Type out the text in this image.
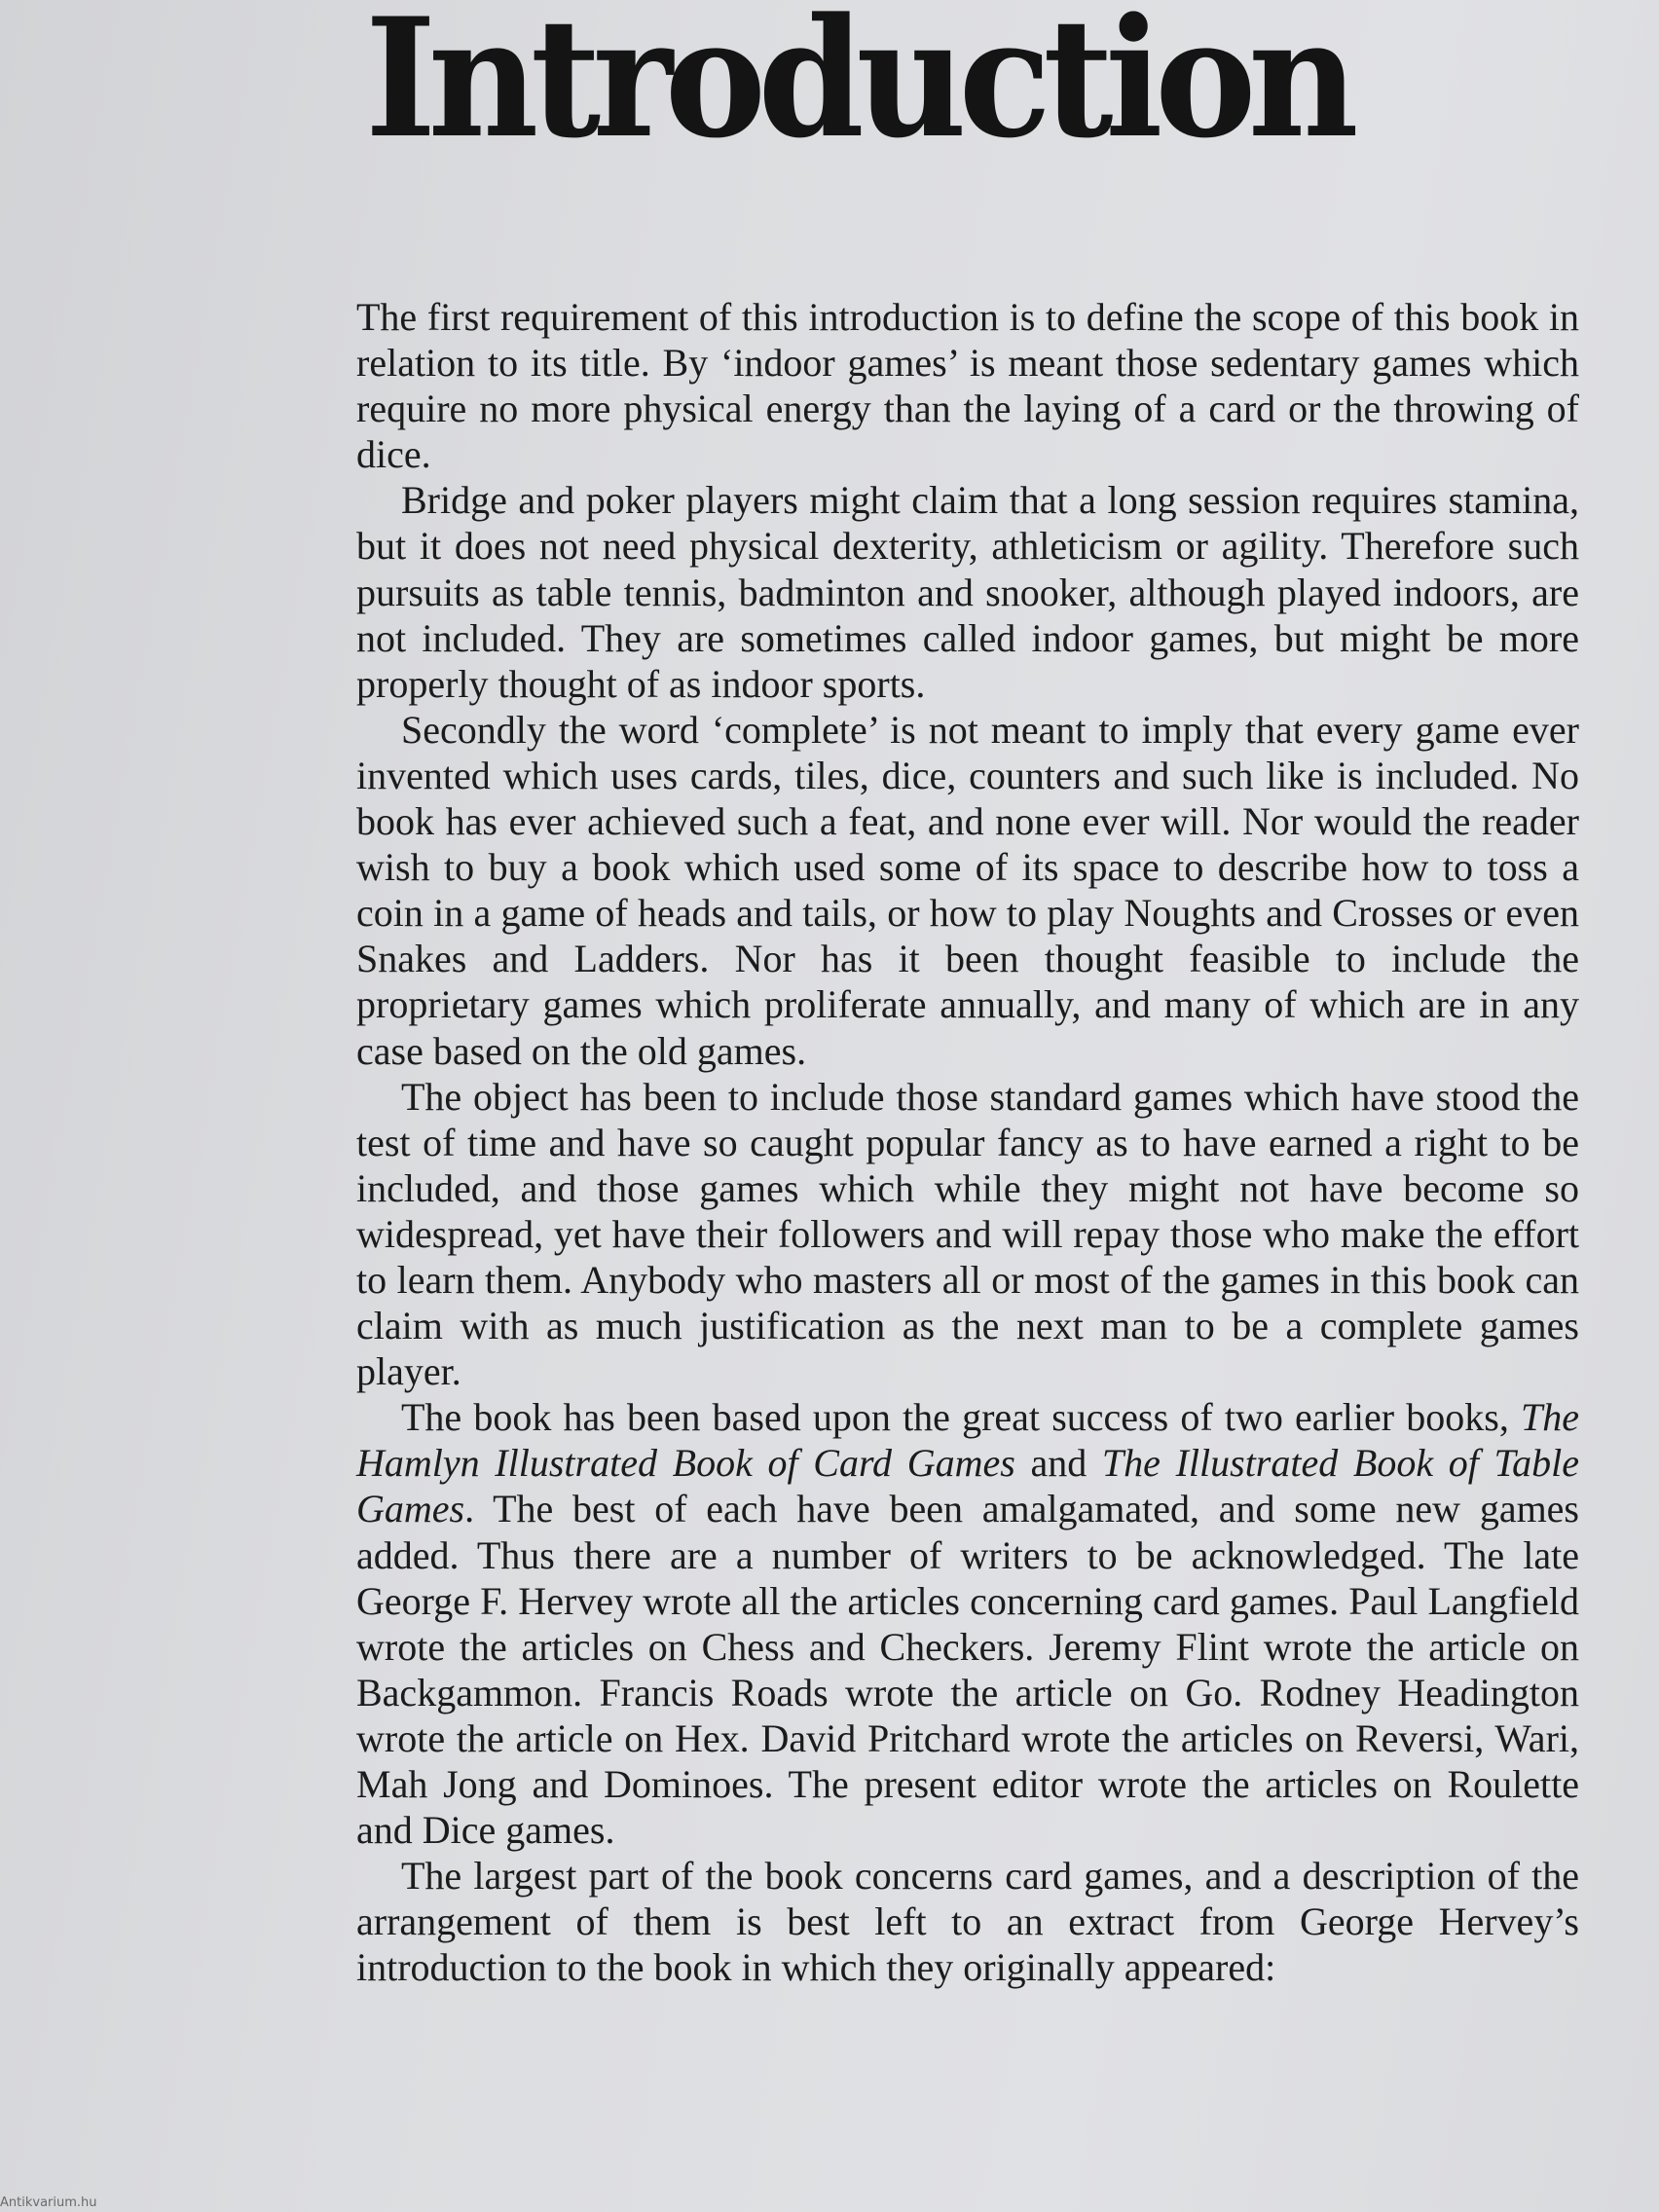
Introduction

The first requirement of this introduction is to define the scope of this book in relation to its title. By ‘indoor games’ is meant those sedentary games which require no more physical energy than the laying of a card or the throwing of dice.

Bridge and poker players might claim that a long session requires stamina, but it does not need physical dexterity, athleticism or agility. Therefore such pursuits as table tennis, badminton and snooker, although played indoors, are not included. They are sometimes called indoor games, but might be more properly thought of as indoor sports.

Secondly the word ‘complete’ is not meant to imply that every game ever invented which uses cards, tiles, dice, counters and such like is included. No book has ever achieved such a feat, and none ever will. Nor would the reader wish to buy a book which used some of its space to describe how to toss a coin in a game of heads and tails, or how to play Noughts and Crosses or even Snakes and Ladders. Nor has it been thought feasible to include the proprietary games which proliferate annually, and many of which are in any case based on the old games.

The object has been to include those standard games which have stood the test of time and have so caught popular fancy as to have earned a right to be included, and those games which while they might not have become so widespread, yet have their followers and will repay those who make the effort to learn them. Anybody who masters all or most of the games in this book can claim with as much justification as the next man to be a complete games player.

The book has been based upon the great success of two earlier books, The Hamlyn Illustrated Book of Card Games and The Illustrated Book of Table Games. The best of each have been amalgamated, and some new games added. Thus there are a number of writers to be acknowledged. The late George F. Hervey wrote all the articles concerning card games. Paul Langfield wrote the articles on Chess and Checkers. Jeremy Flint wrote the article on Backgammon. Francis Roads wrote the article on Go. Rodney Headington wrote the article on Hex. David Pritchard wrote the articles on Reversi, Wari, Mah Jong and Dominoes. The present editor wrote the articles on Roulette and Dice games.

The largest part of the book concerns card games, and a description of the arrangement of them is best left to an extract from George Hervey’s introduction to the book in which they originally appeared:

Antikvarium.hu
